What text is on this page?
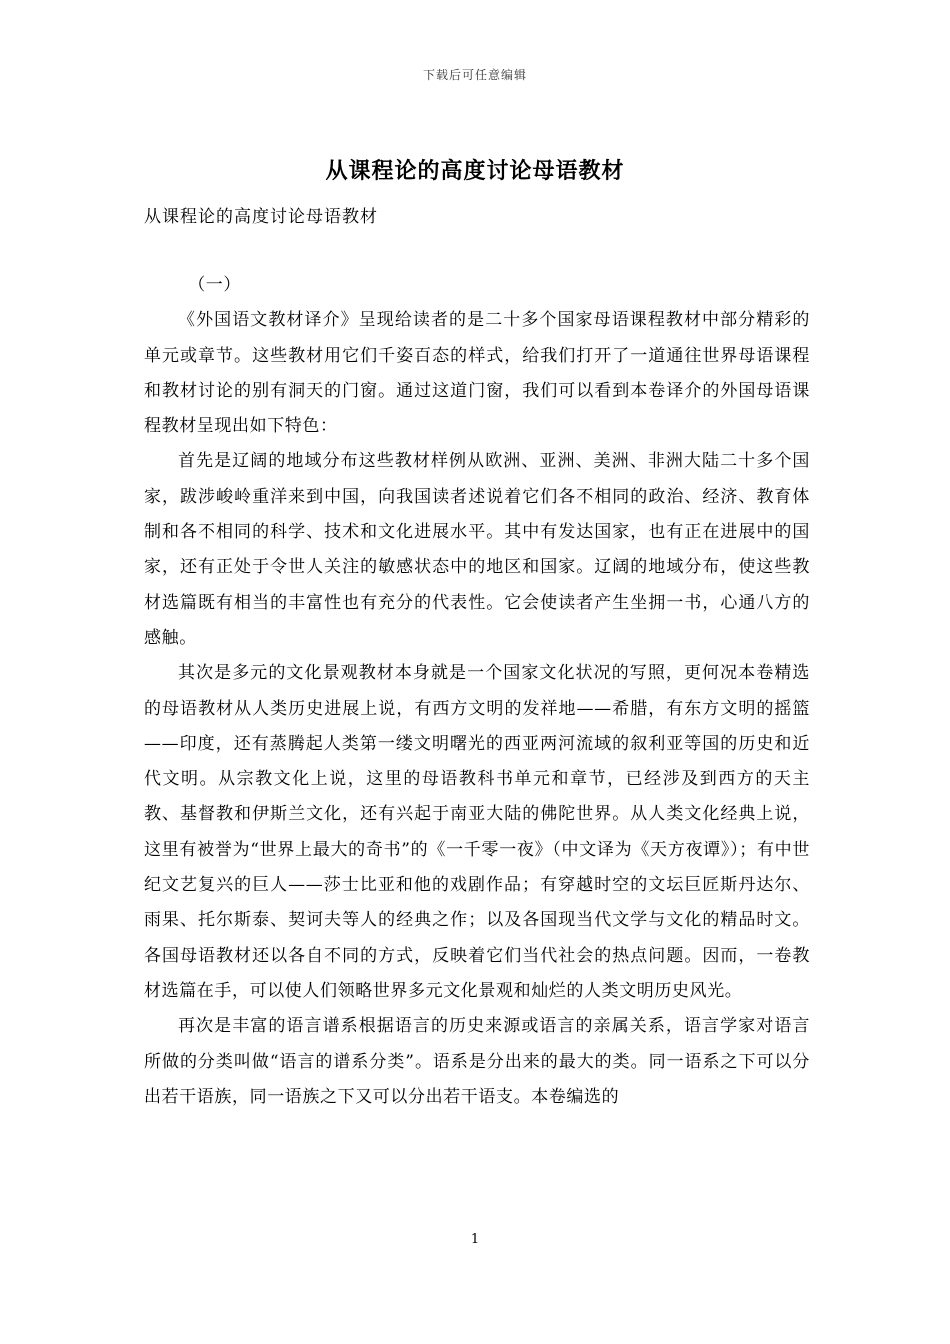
下载后可任意编辑
从课程论的高度讨论母语教材
从课程论的高度讨论母语教材

（一）

《外国语文教材译介》呈现给读者的是二十多个国家母语课程教材中部分精彩的单元或章节。这些教材用它们千姿百态的样式，给我们打开了一道通往世界母语课程和教材讨论的别有洞天的门窗。通过这道门窗，我们可以看到本卷译介的外国母语课程教材呈现出如下特色：

首先是辽阔的地域分布这些教材样例从欧洲、亚洲、美洲、非洲大陆二十多个国家，跋涉峻岭重洋来到中国，向我国读者述说着它们各不相同的政治、经济、教育体制和各不相同的科学、技术和文化进展水平。其中有发达国家，也有正在进展中的国家，还有正处于令世人关注的敏感状态中的地区和国家。辽阔的地域分布，使这些教材选篇既有相当的丰富性也有充分的代表性。它会使读者产生坐拥一书，心通八方的感触。

其次是多元的文化景观教材本身就是一个国家文化状况的写照，更何况本卷精选的母语教材从人类历史进展上说，有西方文明的发祥地——希腊，有东方文明的摇篮——印度，还有蒸腾起人类第一缕文明曙光的西亚两河流域的叙利亚等国的历史和近代文明。从宗教文化上说，这里的母语教科书单元和章节，已经涉及到西方的天主教、基督教和伊斯兰文化，还有兴起于南亚大陆的佛陀世界。从人类文化经典上说，这里有被誉为“世界上最大的奇书”的《一千零一夜》（中文译为《天方夜谭》）；有中世纪文艺复兴的巨人——莎士比亚和他的戏剧作品；有穿越时空的文坛巨匠斯丹达尔、雨果、托尔斯泰、契诃夫等人的经典之作；以及各国现当代文学与文化的精品时文。各国母语教材还以各自不同的方式，反映着它们当代社会的热点问题。因而，一卷教材选篇在手，可以使人们领略世界多元文化景观和灿烂的人类文明历史风光。

再次是丰富的语言谱系根据语言的历史来源或语言的亲属关系，语言学家对语言所做的分类叫做“语言的谱系分类”。语系是分出来的最大的类。同一语系之下可以分出若干语族，同一语族之下又可以分出若干语支。本卷编选的

1
